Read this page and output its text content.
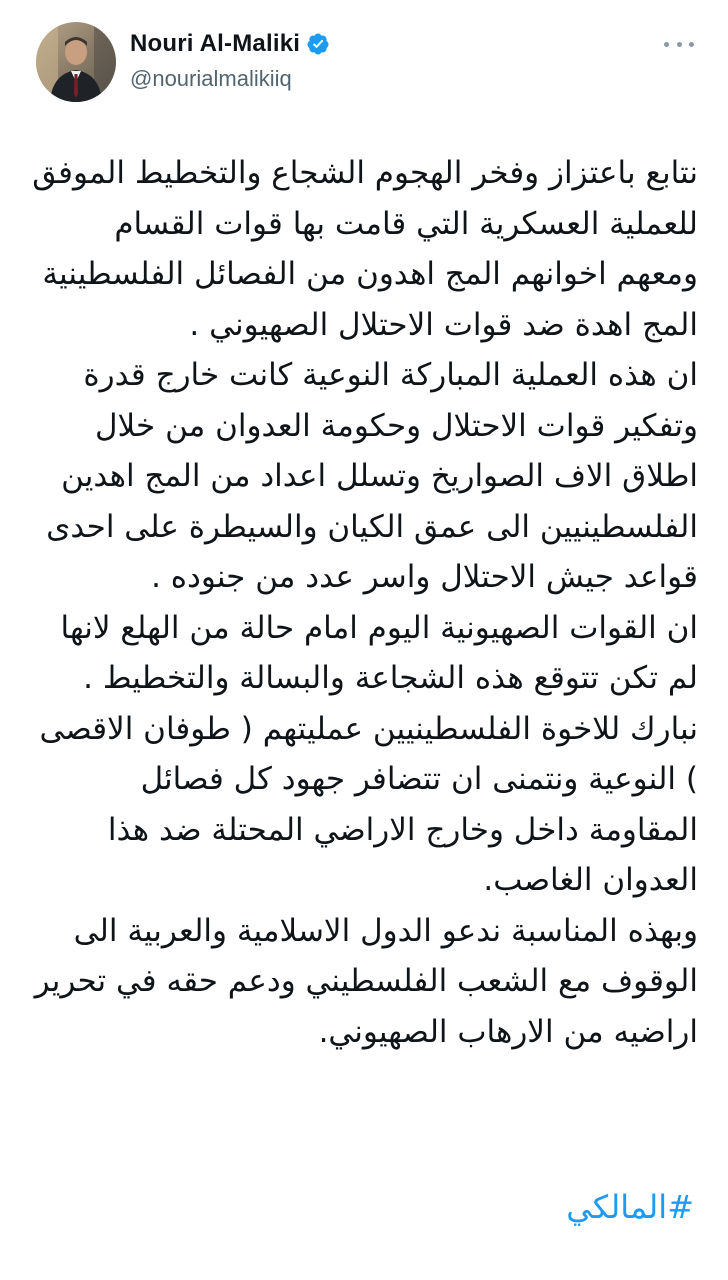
Nouri Al-Maliki
@nourialmalikiiq
نتابع باعتزاز وفخر الهجوم الشجاع والتخطيط الموفق للعملية العسكرية التي قامت بها قوات القسام ومعهم اخوانهم المج اهدون من الفصائل الفلسطينية المج اهدة ضد قوات الاحتلال الصهيوني .
ان هذه العملية المباركة النوعية كانت خارج قدرة وتفكير قوات الاحتلال وحكومة العدوان من خلال اطلاق الاف الصواريخ وتسلل اعداد من المج اهدين الفلسطينيين الى عمق الكيان والسيطرة على احدى قواعد جيش الاحتلال واسر عدد من جنوده .
ان القوات الصهيونية اليوم امام حالة من الهلع لانها لم تكن تتوقع هذه الشجاعة والبسالة والتخطيط .
نبارك للاخوة الفلسطينيين عمليتهم ( طوفان الاقصى ) النوعية ونتمنى ان تتضافر جهود كل فصائل المقاومة داخل وخارج الاراضي المحتلة ضد هذا العدوان الغاصب.
وبهذه المناسبة ندعو الدول الاسلامية والعربية الى الوقوف مع الشعب الفلسطيني ودعم حقه في تحرير اراضيه من الارهاب الصهيوني.
#المالكي
